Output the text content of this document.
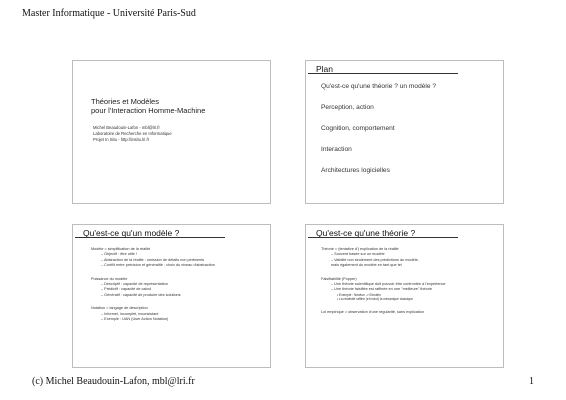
Master Informatique - Université Paris-Sud
Théories et Modèles
pour l'Interaction Homme-Machine
Michel Beaudouin-Lafon - mbl@lri.fr
Laboratoire de Recherche en Informatique
Projet In Situ - http://insitu.lri.fr
Plan
Qu'est-ce qu'une théorie ? un modèle ?
Perception, action
Cognition, comportement
Interaction
Architectures logicielles
Qu'est-ce qu'un modèle ?

Modèle = simplification de la réalité

– Objectif : être utile !

– Abstraction de la réalité : omission de détails non pertinents

– Conflit entre précision et généralité : choix du niveau d'abstraction

Puissance du modèle

– Descriptif : capacité de représentation

– Prédictif : capacité de calcul

– Génératif : capacité de produire des solutions

Notation = langage de description

– Informel, incomplet, inconsistant

– Exemple : UAN (User Action Notation)

Qu'est-ce qu'une théorie ?

Théorie = (tentative d') explication de la réalité

– Souvent basée sur un modèle

– Validité non seulement des prédictions du modèle,

mais également du modèle en tant que tel

Falsifiabilité (Popper)

– Une théorie scientifique doit pouvoir être confrontée à l'expérience

– Une théorie falsifiée est raffinée en une "meilleure" théorie

• Exemple : Newton -> Einstein

• La relativité raffine (et inclut) la mécanique classique

Loi empirique = observation d'une régularité, sans explication

(c) Michel Beaudouin-Lafon, mbl@lri.fr	1
